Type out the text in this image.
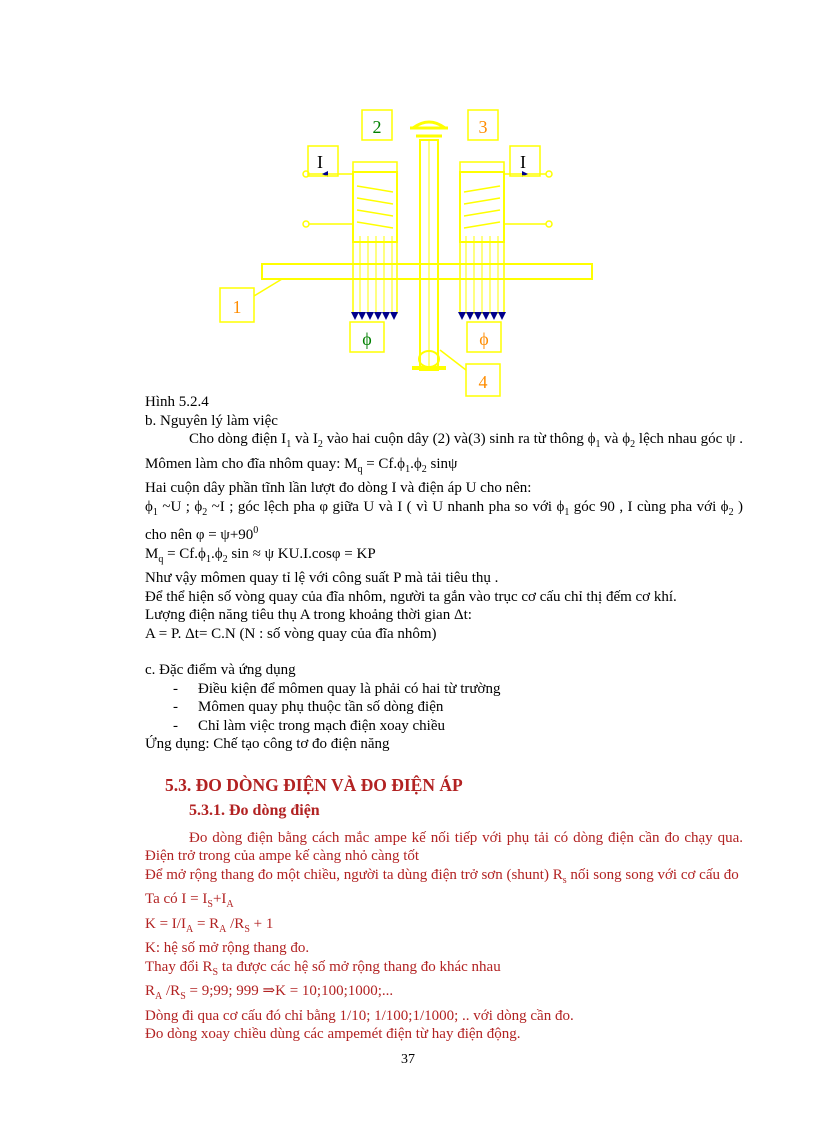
2	3
I	I
1
ϕ	ϕ
4

Hình 5.2.4

b. Nguyên lý làm việc

Cho dòng điện $I_1$ và $I_2$ vào hai cuộn dây (2) và(3) sinh ra từ thông $\phi_1$ và $\phi_2$ lệch nhau góc ψ . Mômen làm cho đĩa nhôm quay: $M_q = Cf.\phi_1.\phi_2$ sinψ

Hai cuộn dây phần tĩnh lần lượt đo dòng I và điện áp U cho nên:

$\phi_1$ ~U ; $\phi_2$ ~I ; góc lệch pha φ giữa U và I ( vì U nhanh pha so với $\phi_1$ góc 90 , I cùng pha với $\phi_2$ ) cho nên $\varphi = \psi+90^0$

$M_q = Cf.\phi_1.\phi_2$ sin ≈ ψ KU.I.cosφ = KP

Như vậy mômen quay tỉ lệ với công suất P mà tải tiêu thụ .

Để thể hiện số vòng quay của đĩa nhôm, người ta gắn vào trục cơ cấu chỉ thị đếm cơ khí.

Lượng điện năng tiêu thụ A trong khoảng thời gian Δt:

A = P. Δt= C.N (N : số vòng quay của đĩa nhôm)

c. Đặc điểm và ứng dụng

-	Điều kiện để mômen quay là phải có hai từ trường
-	Mômen quay phụ thuộc tần số dòng điện
-	Chỉ làm việc trong mạch điện xoay chiều

Ứng dụng: Chế tạo công tơ đo điện năng

5.3. ĐO DÒNG ĐIỆN VÀ ĐO ĐIỆN ÁP
5.3.1. Đo dòng điện

Đo dòng điện bằng cách mắc ampe kế nối tiếp với phụ tải có dòng điện cần đo chạy qua. Điện trở trong của ampe kế càng nhỏ càng tốt

Để mở rộng thang đo một chiều, người ta dùng điện trở sơn (shunt) $R_s$ nối song song với cơ cấu đo

Ta có $I = I_S+I_A$

$K = I/I_A = R_A$ $/R_S + 1$

K: hệ số mở rộng thang đo.

Thay đổi $R_S$ ta được các hệ số mở rộng thang đo khác nhau

$R_A$ $/R_S$ = 9;99; 999 ⇒K = 10;100;1000;...

Dòng đi qua cơ cấu đó chỉ bằng 1/10; 1/100;1/1000; .. với dòng cần đo.

Đo dòng xoay chiều dùng các ampemét điện từ hay điện động.

37
